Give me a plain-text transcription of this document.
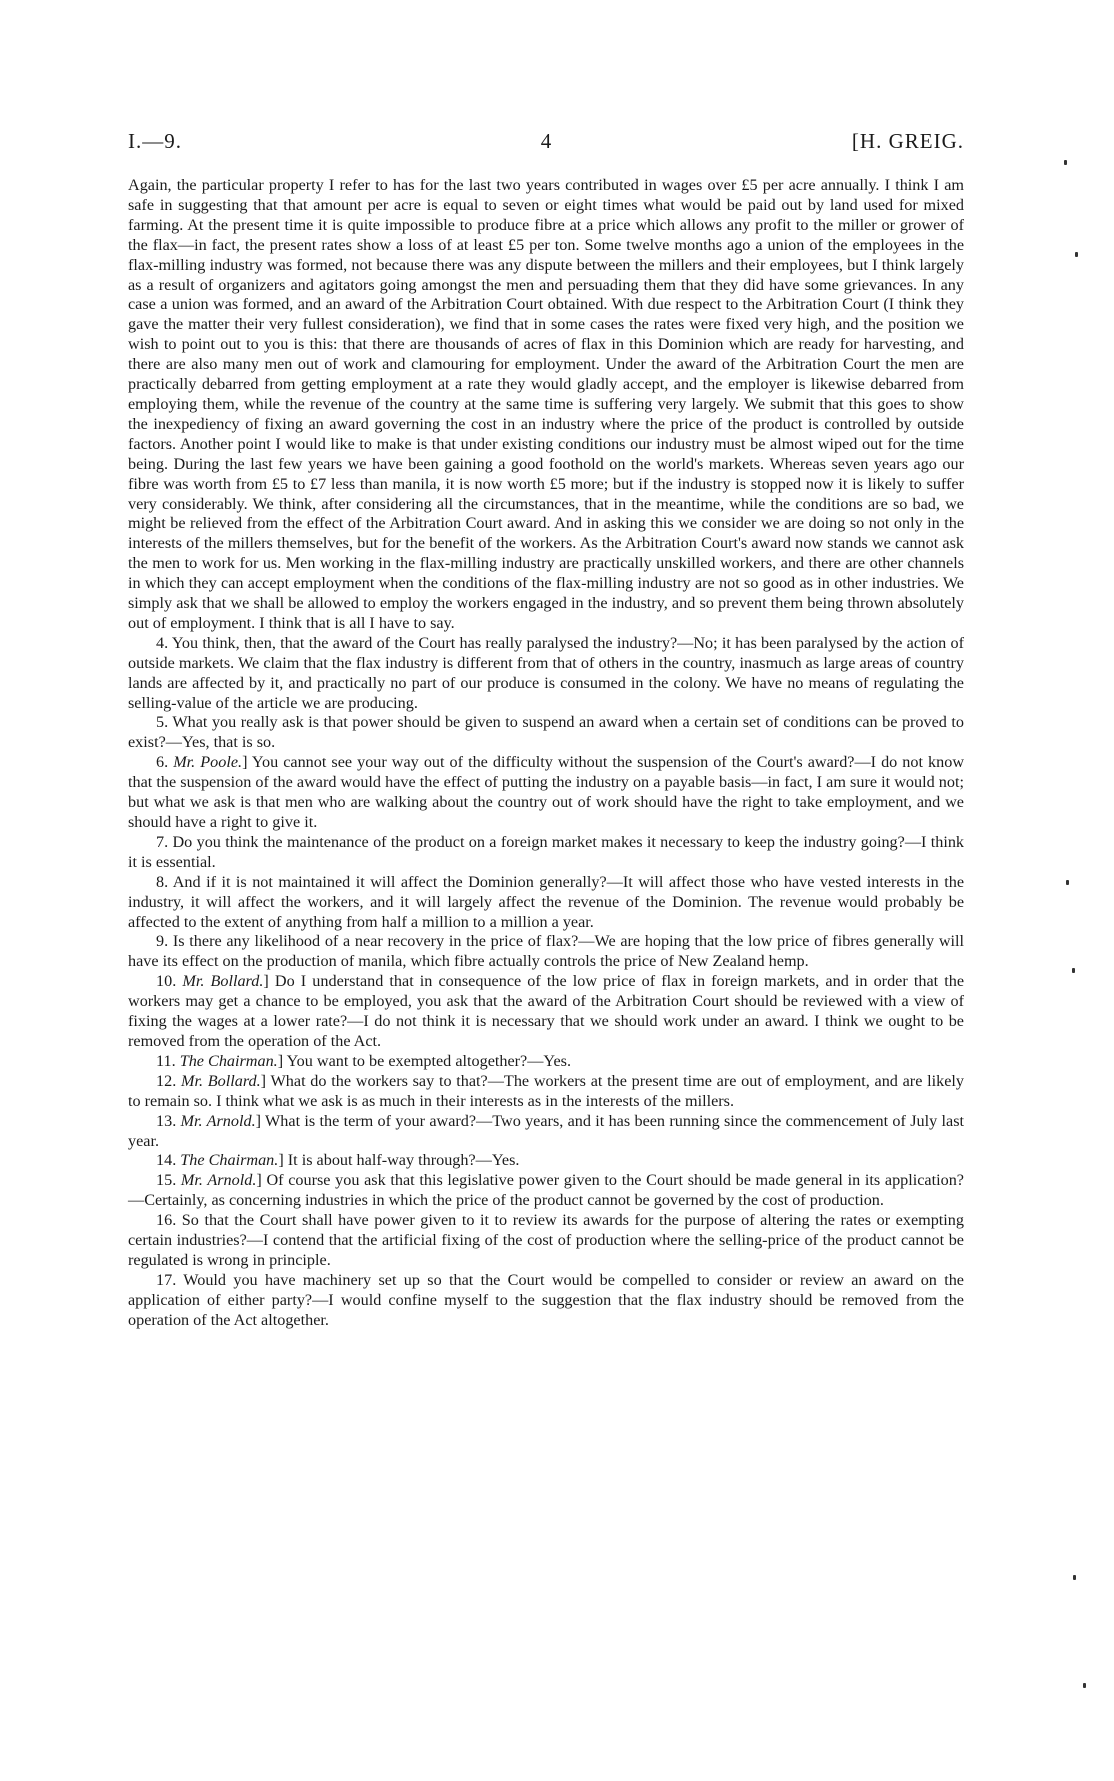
I.—9.	4	[H. GREIG.

Again, the particular property I refer to has for the last two years contributed in wages over £5 per acre annually. I think I am safe in suggesting that that amount per acre is equal to seven or eight times what would be paid out by land used for mixed farming. At the present time it is quite impossible to produce fibre at a price which allows any profit to the miller or grower of the flax—in fact, the present rates show a loss of at least £5 per ton. Some twelve months ago a union of the employees in the flax-milling industry was formed, not because there was any dispute between the millers and their employees, but I think largely as a result of organizers and agitators going amongst the men and persuading them that they did have some grievances. In any case a union was formed, and an award of the Arbitration Court obtained. With due respect to the Arbitration Court (I think they gave the matter their very fullest consideration), we find that in some cases the rates were fixed very high, and the position we wish to point out to you is this: that there are thousands of acres of flax in this Dominion which are ready for harvesting, and there are also many men out of work and clamouring for employment. Under the award of the Arbitration Court the men are practically debarred from getting employment at a rate they would gladly accept, and the employer is likewise debarred from employing them, while the revenue of the country at the same time is suffering very largely. We submit that this goes to show the inexpediency of fixing an award governing the cost in an industry where the price of the product is controlled by outside factors. Another point I would like to make is that under existing conditions our industry must be almost wiped out for the time being. During the last few years we have been gaining a good foothold on the world's markets. Whereas seven years ago our fibre was worth from £5 to £7 less than manila, it is now worth £5 more; but if the industry is stopped now it is likely to suffer very considerably. We think, after considering all the circumstances, that in the meantime, while the conditions are so bad, we might be relieved from the effect of the Arbitration Court award. And in asking this we consider we are doing so not only in the interests of the millers themselves, but for the benefit of the workers. As the Arbitration Court's award now stands we cannot ask the men to work for us. Men working in the flax-milling industry are practically unskilled workers, and there are other channels in which they can accept employment when the conditions of the flax-milling industry are not so good as in other industries. We simply ask that we shall be allowed to employ the workers engaged in the industry, and so prevent them being thrown absolutely out of employment. I think that is all I have to say.

4. You think, then, that the award of the Court has really paralysed the industry?—No; it has been paralysed by the action of outside markets. We claim that the flax industry is different from that of others in the country, inasmuch as large areas of country lands are affected by it, and practically no part of our produce is consumed in the colony. We have no means of regulating the selling-value of the article we are producing.

5. What you really ask is that power should be given to suspend an award when a certain set of conditions can be proved to exist?—Yes, that is so.

6. Mr. Poole.] You cannot see your way out of the difficulty without the suspension of the Court's award?—I do not know that the suspension of the award would have the effect of putting the industry on a payable basis—in fact, I am sure it would not; but what we ask is that men who are walking about the country out of work should have the right to take employment, and we should have a right to give it.

7. Do you think the maintenance of the product on a foreign market makes it necessary to keep the industry going?—I think it is essential.

8. And if it is not maintained it will affect the Dominion generally?—It will affect those who have vested interests in the industry, it will affect the workers, and it will largely affect the revenue of the Dominion. The revenue would probably be affected to the extent of anything from half a million to a million a year.

9. Is there any likelihood of a near recovery in the price of flax?—We are hoping that the low price of fibres generally will have its effect on the production of manila, which fibre actually controls the price of New Zealand hemp.

10. Mr. Bollard.] Do I understand that in consequence of the low price of flax in foreign markets, and in order that the workers may get a chance to be employed, you ask that the award of the Arbitration Court should be reviewed with a view of fixing the wages at a lower rate?—I do not think it is necessary that we should work under an award. I think we ought to be removed from the operation of the Act.

11. The Chairman.] You want to be exempted altogether?—Yes.

12. Mr. Bollard.] What do the workers say to that?—The workers at the present time are out of employment, and are likely to remain so. I think what we ask is as much in their interests as in the interests of the millers.

13. Mr. Arnold.] What is the term of your award?—Two years, and it has been running since the commencement of July last year.

14. The Chairman.] It is about half-way through?—Yes.

15. Mr. Arnold.] Of course you ask that this legislative power given to the Court should be made general in its application?—Certainly, as concerning industries in which the price of the product cannot be governed by the cost of production.

16. So that the Court shall have power given to it to review its awards for the purpose of altering the rates or exempting certain industries?—I contend that the artificial fixing of the cost of production where the selling-price of the product cannot be regulated is wrong in principle.

17. Would you have machinery set up so that the Court would be compelled to consider or review an award on the application of either party?—I would confine myself to the suggestion that the flax industry should be removed from the operation of the Act altogether.
